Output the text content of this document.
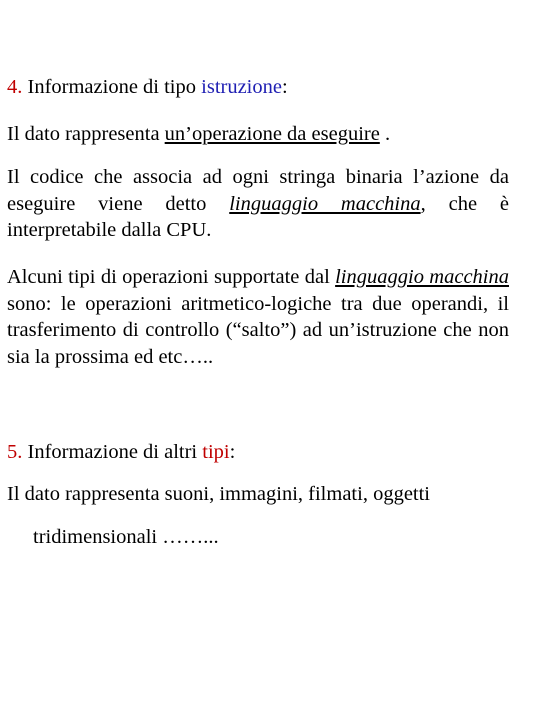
4. Informazione di tipo istruzione:
Il dato rappresenta un’operazione da eseguire .
Il codice che associa ad ogni stringa binaria l’azione da eseguire viene detto linguaggio macchina, che è interpretabile dalla CPU.
Alcuni tipi di operazioni supportate dal linguaggio macchina sono: le operazioni aritmetico-logiche tra due operandi, il trasferimento di controllo (“salto”) ad un’istruzione che non sia la prossima ed etc…..
5. Informazione di altri tipi:
Il dato rappresenta suoni, immagini, filmati, oggetti
tridimensionali ……...
